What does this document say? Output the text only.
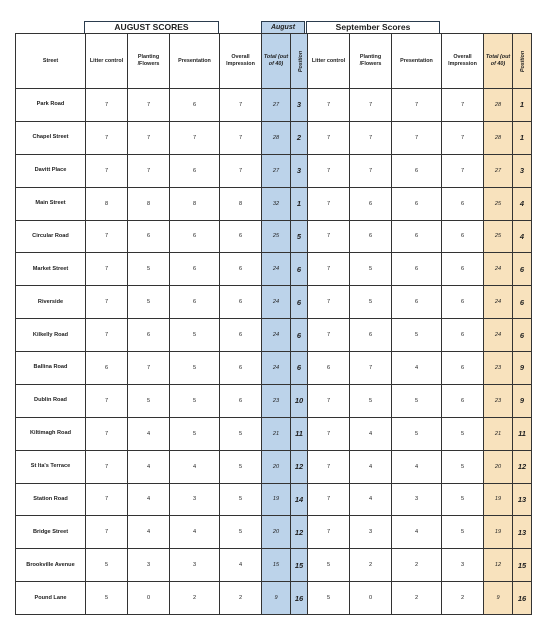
AUGUST SCORES	August	September Scores
Street	Litter control	Planting /Flowers	Presentation	Overall Impression	Total (out of 40)	Position	Litter control	Planting /Flowers	Presentation	Overall Impression	Total (out of 40)	Position
Park Road	7	7	6	7	27	3	7	7	7	7	28	1
Chapel Street	7	7	7	7	28	2	7	7	7	7	28	1
Davitt Place	7	7	6	7	27	3	7	7	6	7	27	3
Main Street	8	8	8	8	32	1	7	6	6	6	25	4
Circular Road	7	6	6	6	25	5	7	6	6	6	25	4
Market Street	7	5	6	6	24	6	7	5	6	6	24	6
Riverside	7	5	6	6	24	6	7	5	6	6	24	6
Kilkelly Road	7	6	5	6	24	6	7	6	5	6	24	6
Ballina Road	6	7	5	6	24	6	6	7	4	6	23	9
Dublin Road	7	5	5	6	23	10	7	5	5	6	23	9
Kiltimagh Road	7	4	5	5	21	11	7	4	5	5	21	11
St Ita's Terrace	7	4	4	5	20	12	7	4	4	5	20	12
Station Road	7	4	3	5	19	14	7	4	3	5	19	13
Bridge Street	7	4	4	5	20	12	7	3	4	5	19	13
Brookville Avenue	5	3	3	4	15	15	5	2	2	3	12	15
Pound Lane	5	0	2	2	9	16	5	0	2	2	9	16
